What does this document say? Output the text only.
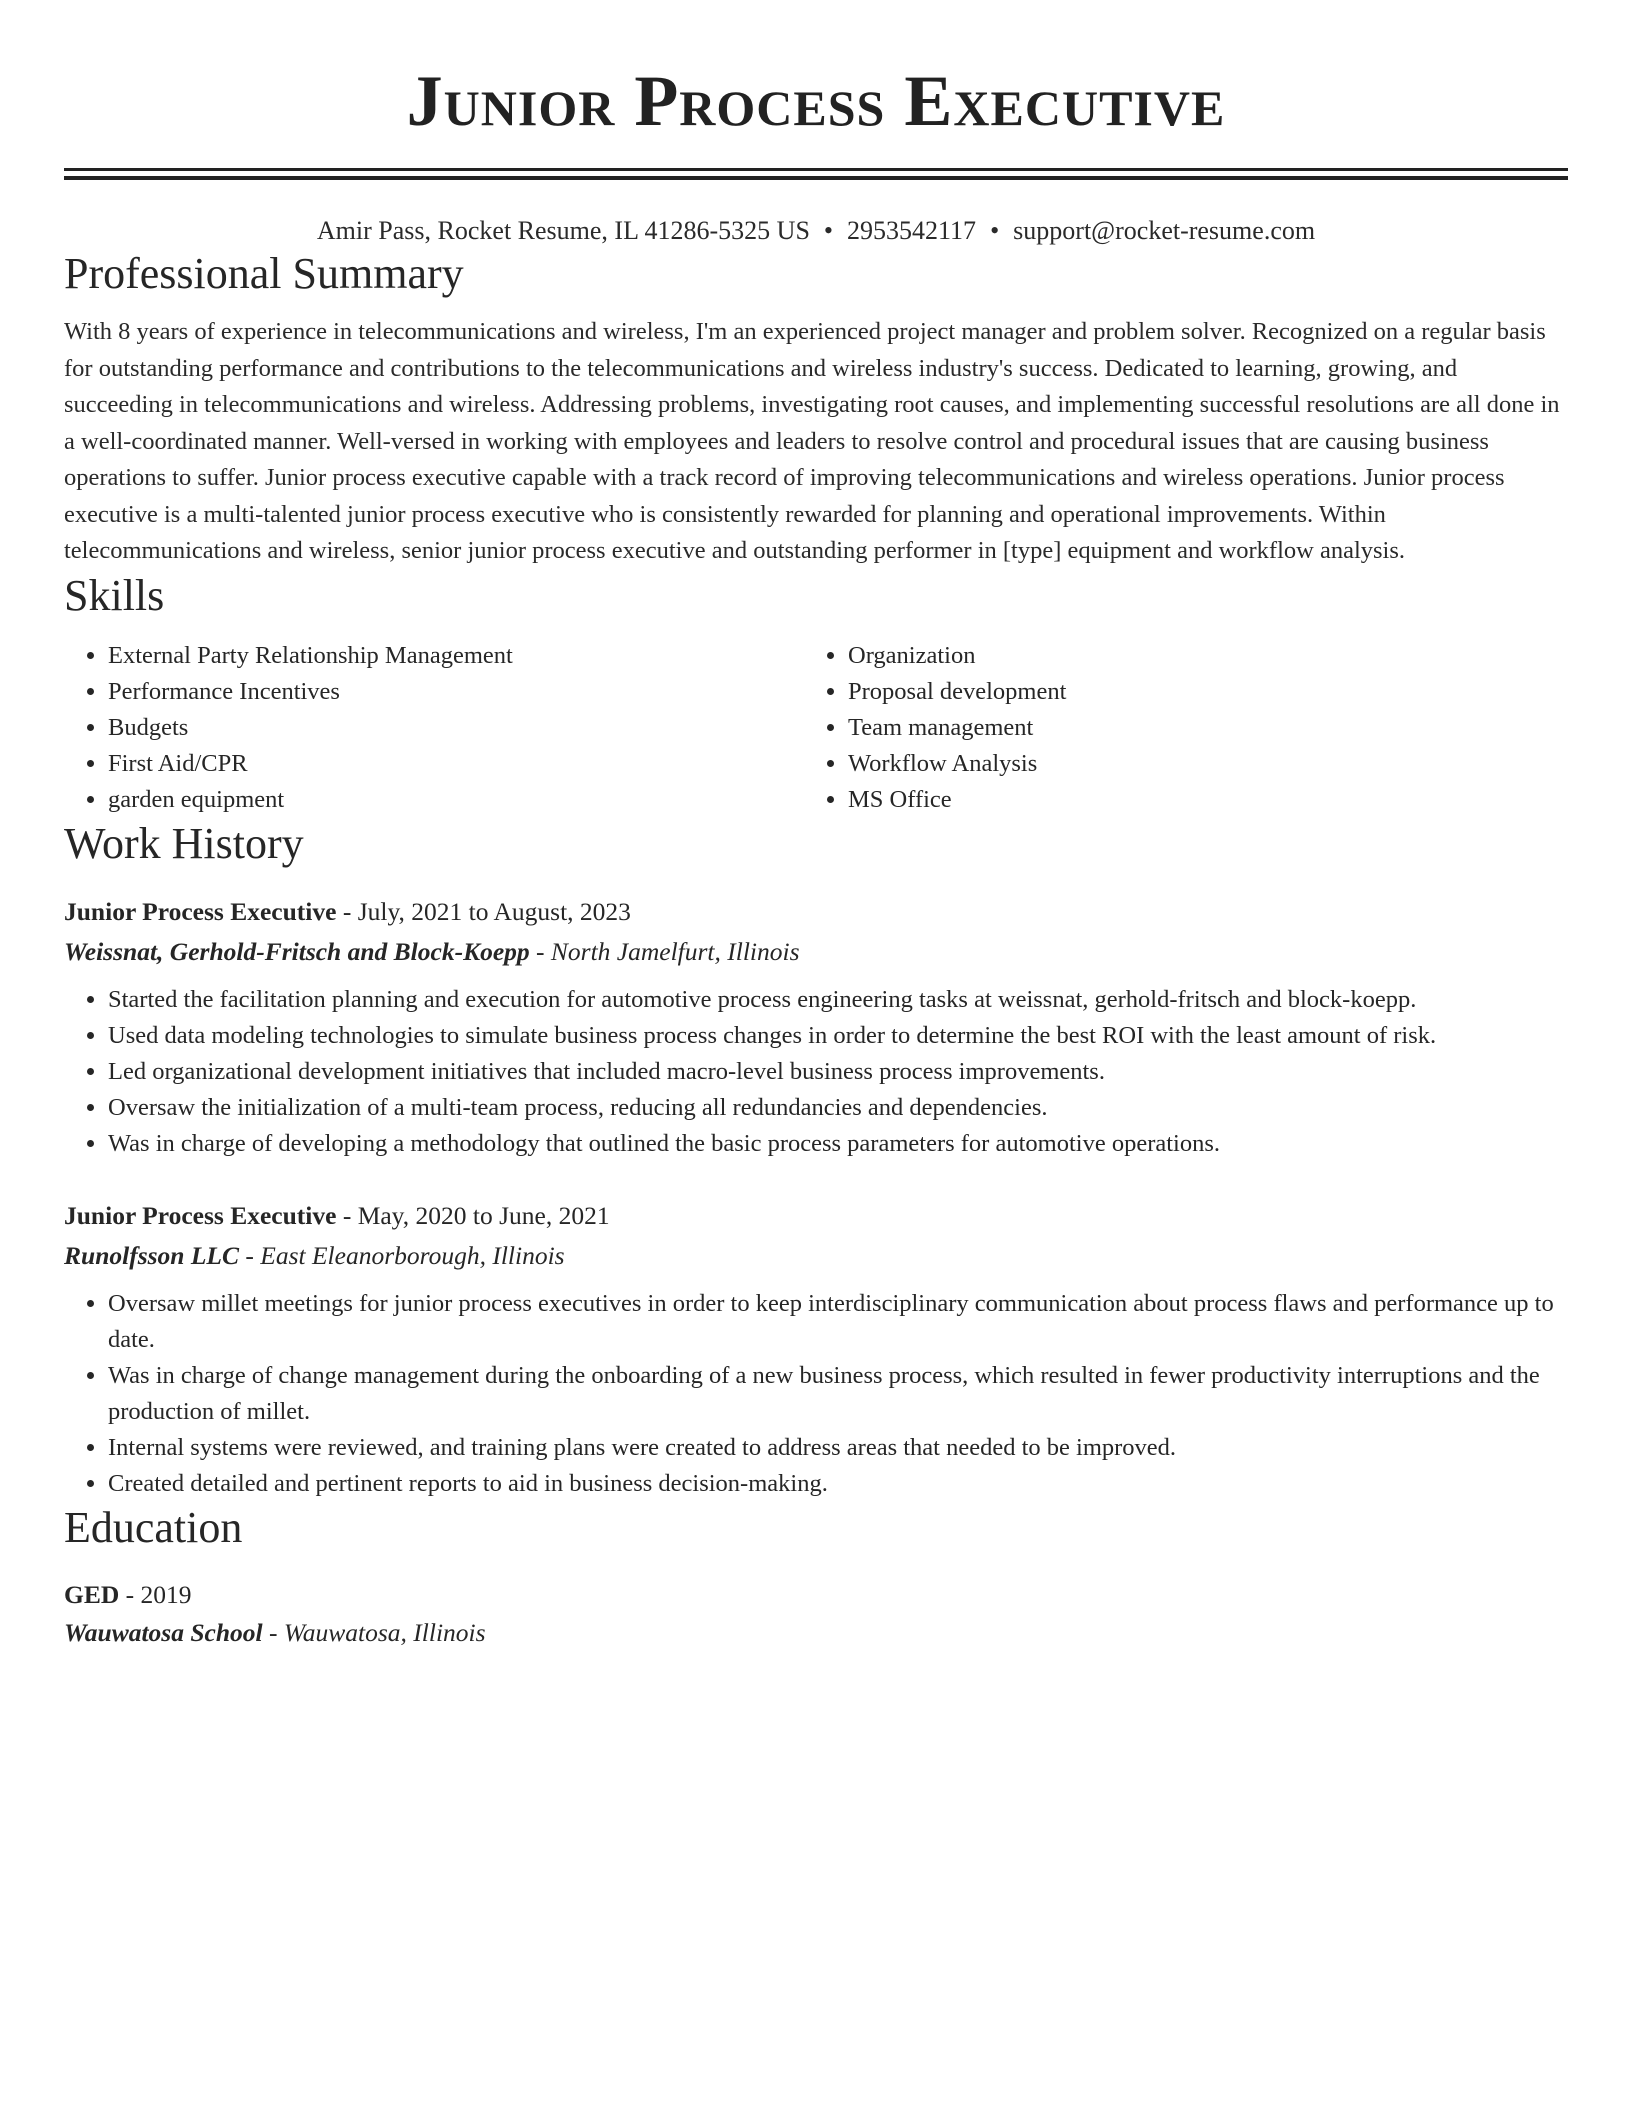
Junior Process Executive
Amir Pass, Rocket Resume, IL 41286-5325 US • 2953542117 • support@rocket-resume.com
Professional Summary
With 8 years of experience in telecommunications and wireless, I'm an experienced project manager and problem solver. Recognized on a regular basis for outstanding performance and contributions to the telecommunications and wireless industry's success. Dedicated to learning, growing, and succeeding in telecommunications and wireless. Addressing problems, investigating root causes, and implementing successful resolutions are all done in a well-coordinated manner. Well-versed in working with employees and leaders to resolve control and procedural issues that are causing business operations to suffer. Junior process executive capable with a track record of improving telecommunications and wireless operations. Junior process executive is a multi-talented junior process executive who is consistently rewarded for planning and operational improvements. Within telecommunications and wireless, senior junior process executive and outstanding performer in [type] equipment and workflow analysis.
Skills
• External Party Relationship Management
• Performance Incentives
• Budgets
• First Aid/CPR
• garden equipment
• Organization
• Proposal development
• Team management
• Workflow Analysis
• MS Office
Work History
Junior Process Executive - July, 2021 to August, 2023
Weissnat, Gerhold-Fritsch and Block-Koepp - North Jamelfurt, Illinois
• Started the facilitation planning and execution for automotive process engineering tasks at weissnat, gerhold-fritsch and block-koepp.
• Used data modeling technologies to simulate business process changes in order to determine the best ROI with the least amount of risk.
• Led organizational development initiatives that included macro-level business process improvements.
• Oversaw the initialization of a multi-team process, reducing all redundancies and dependencies.
• Was in charge of developing a methodology that outlined the basic process parameters for automotive operations.
Junior Process Executive - May, 2020 to June, 2021
Runolfsson LLC - East Eleanorborough, Illinois
• Oversaw millet meetings for junior process executives in order to keep interdisciplinary communication about process flaws and performance up to date.
• Was in charge of change management during the onboarding of a new business process, which resulted in fewer productivity interruptions and the production of millet.
• Internal systems were reviewed, and training plans were created to address areas that needed to be improved.
• Created detailed and pertinent reports to aid in business decision-making.
Education
GED - 2019
Wauwatosa School - Wauwatosa, Illinois
